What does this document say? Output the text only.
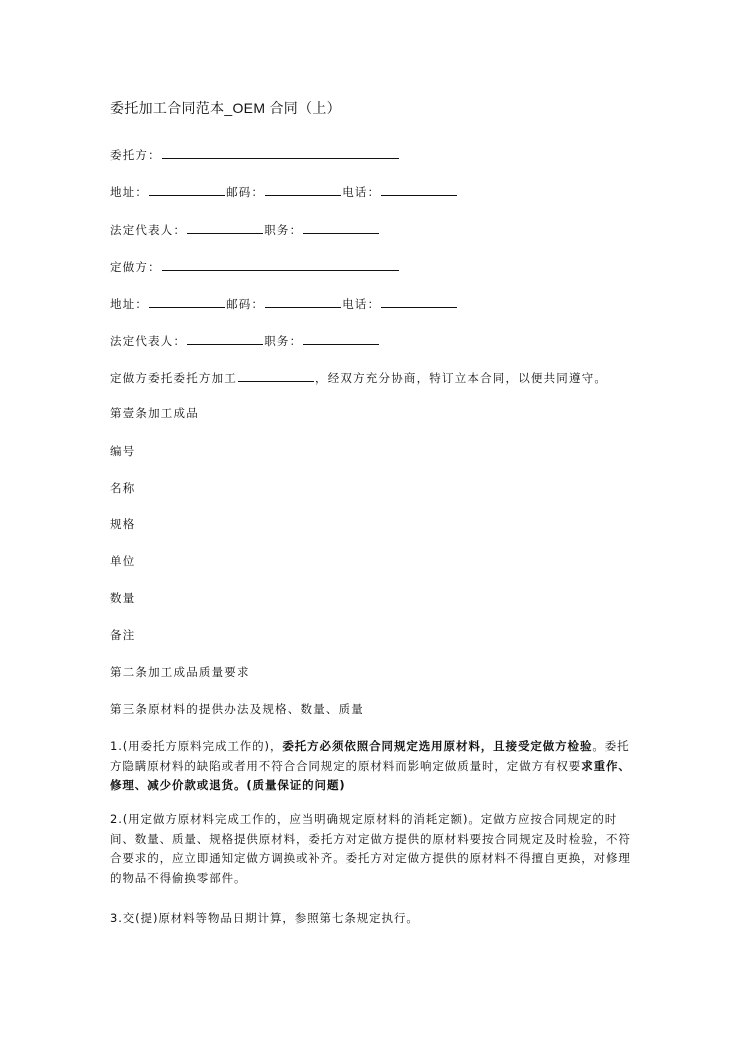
委托加工合同范本_OEM 合同（上）
委托方：
地址：	邮码：	电话：
法定代表人：	职务：
定做方：
地址：	邮码：	电话：
法定代表人：	职务：
定做方委托委托方加工	，经双方充分协商，特订立本合同，以便共同遵守。
第壹条加工成品
编号
名称
规格
单位
数量
备注
第二条加工成品质量要求
第三条原材料的提供办法及规格、数量、质量
1.(用委托方原料完成工作的)，委托方必须依照合同规定选用原材料，且接受定做方检验。委托方隐瞒原材料的缺陷或者用不符合合同规定的原材料而影响定做质量时，定做方有权要求重作、修理、减少价款或退货。(质量保证的问题)
2.(用定做方原材料完成工作的，应当明确规定原材料的消耗定额)。定做方应按合同规定的时间、数量、质量、规格提供原材料，委托方对定做方提供的原材料要按合同规定及时检验，不符合要求的，应立即通知定做方调换或补齐。委托方对定做方提供的原材料不得擅自更换，对修理的物品不得偷换零部件。
3.交(提)原材料等物品日期计算，参照第七条规定执行。
